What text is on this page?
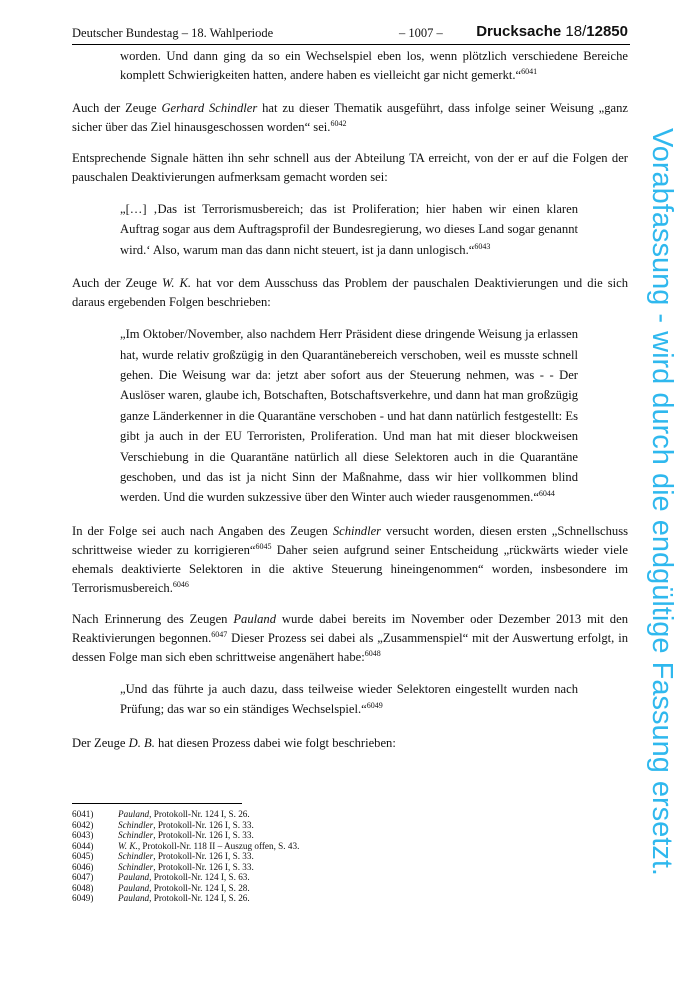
Deutscher Bundestag – 18. Wahlperiode	– 1007 – Drucksache 18/12850

worden. Und dann ging da so ein Wechselspiel eben los, wenn plötzlich verschiedene Bereiche komplett Schwierigkeiten hatten, andere haben es vielleicht gar nicht gemerkt.“$^{6041}$

Auch der Zeuge Gerhard Schindler hat zu dieser Thematik ausgeführt, dass infolge seiner Weisung „ganz sicher über das Ziel hinausgeschossen worden“ sei.$^{6042}$

Entsprechende Signale hätten ihn sehr schnell aus der Abteilung TA erreicht, von der er auf die Folgen der pauschalen Deaktivierungen aufmerksam gemacht worden sei:

„[…] ‚Das ist Terrorismusbereich; das ist Proliferation; hier haben wir einen klaren Auftrag sogar aus dem Auftragsprofil der Bundesregierung, wo dieses Land sogar genannt wird.‘ Also, warum man das dann nicht steuert, ist ja dann unlogisch.“$^{6043}$

Auch der Zeuge W. K. hat vor dem Ausschuss das Problem der pauschalen Deaktivierungen und die sich daraus ergebenden Folgen beschrieben:

„Im Oktober/November, also nachdem Herr Präsident diese dringende Weisung ja erlassen hat, wurde relativ großzügig in den Quarantänebereich verschoben, weil es musste schnell gehen. Die Weisung war da: jetzt aber sofort aus der Steuerung nehmen, was - - Der Auslöser waren, glaube ich, Botschaften, Botschaftsverkehre, und dann hat man großzügig ganze Länderkenner in die Quarantäne verschoben - und hat dann natürlich festgestellt: Es gibt ja auch in der EU Terroristen, Proliferation. Und man hat mit dieser blockweisen Verschiebung in die Quarantäne natürlich all diese Selektoren auch in die Quarantäne geschoben, und das ist ja nicht Sinn der Maßnahme, dass wir hier vollkommen blind werden. Und die wurden sukzessive über den Winter auch wieder rausgenommen.“$^{6044}$

In der Folge sei auch nach Angaben des Zeugen Schindler versucht worden, diesen ersten „Schnellschuss schrittweise wieder zu korrigieren“$^{6045}$ Daher seien aufgrund seiner Entscheidung „rückwärts wieder viele ehemals deaktivierte Selektoren in die aktive Steuerung hineingenommen“ worden, insbesondere im Terrorismusbereich.$^{6046}$

Nach Erinnerung des Zeugen Pauland wurde dabei bereits im November oder Dezember 2013 mit den Reaktivierungen begonnen.$^{6047}$ Dieser Prozess sei dabei als „Zusammenspiel“ mit der Auswertung erfolgt, in dessen Folge man sich eben schrittweise angenähert habe:$^{6048}$

„Und das führte ja auch dazu, dass teilweise wieder Selektoren eingestellt wurden nach Prüfung; das war so ein ständiges Wechselspiel.“$^{6049}$

Der Zeuge D. B. hat diesen Prozess dabei wie folgt beschrieben:

6041)	Pauland, Protokoll-Nr. 124 I, S. 26.
6042)	Schindler, Protokoll-Nr. 126 I, S. 33.
6043)	Schindler, Protokoll-Nr. 126 I, S. 33.
6044)	W. K., Protokoll-Nr. 118 II – Auszug offen, S. 43.
6045)	Schindler, Protokoll-Nr. 126 I, S. 33.
6046)	Schindler, Protokoll-Nr. 126 I, S. 33.
6047)	Pauland, Protokoll-Nr. 124 I, S. 63.
6048)	Pauland, Protokoll-Nr. 124 I, S. 28.
6049)	Pauland, Protokoll-Nr. 124 I, S. 26.
Vorabfassung - wird durch die endgültige Fassung ersetzt.
